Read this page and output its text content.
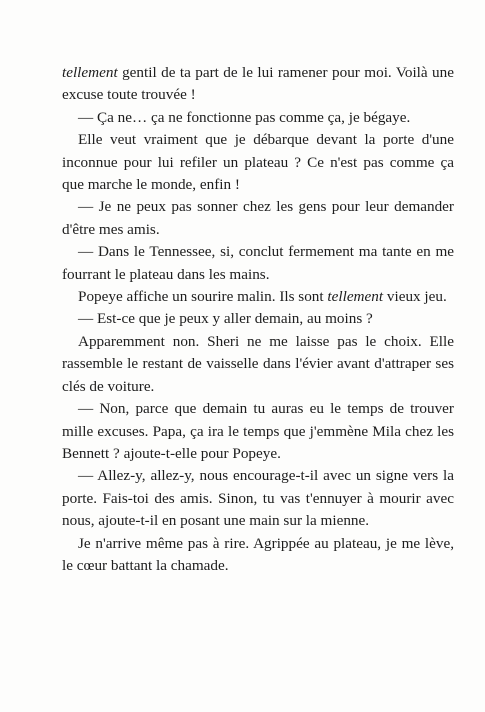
tellement gentil de ta part de le lui ramener pour moi. Voilà une excuse toute trouvée !

— Ça ne… ça ne fonctionne pas comme ça, je bégaye.

Elle veut vraiment que je débarque devant la porte d'une inconnue pour lui refiler un plateau ? Ce n'est pas comme ça que marche le monde, enfin !

— Je ne peux pas sonner chez les gens pour leur demander d'être mes amis.

— Dans le Tennessee, si, conclut fermement ma tante en me fourrant le plateau dans les mains.

Popeye affiche un sourire malin. Ils sont tellement vieux jeu.

— Est-ce que je peux y aller demain, au moins ?

Apparemment non. Sheri ne me laisse pas le choix. Elle rassemble le restant de vaisselle dans l'évier avant d'attraper ses clés de voiture.

— Non, parce que demain tu auras eu le temps de trouver mille excuses. Papa, ça ira le temps que j'emmène Mila chez les Bennett ? ajoute-t-elle pour Popeye.

— Allez-y, allez-y, nous encourage-t-il avec un signe vers la porte. Fais-toi des amis. Sinon, tu vas t'ennuyer à mourir avec nous, ajoute-t-il en posant une main sur la mienne.

Je n'arrive même pas à rire. Agrippée au plateau, je me lève, le cœur battant la chamade.
